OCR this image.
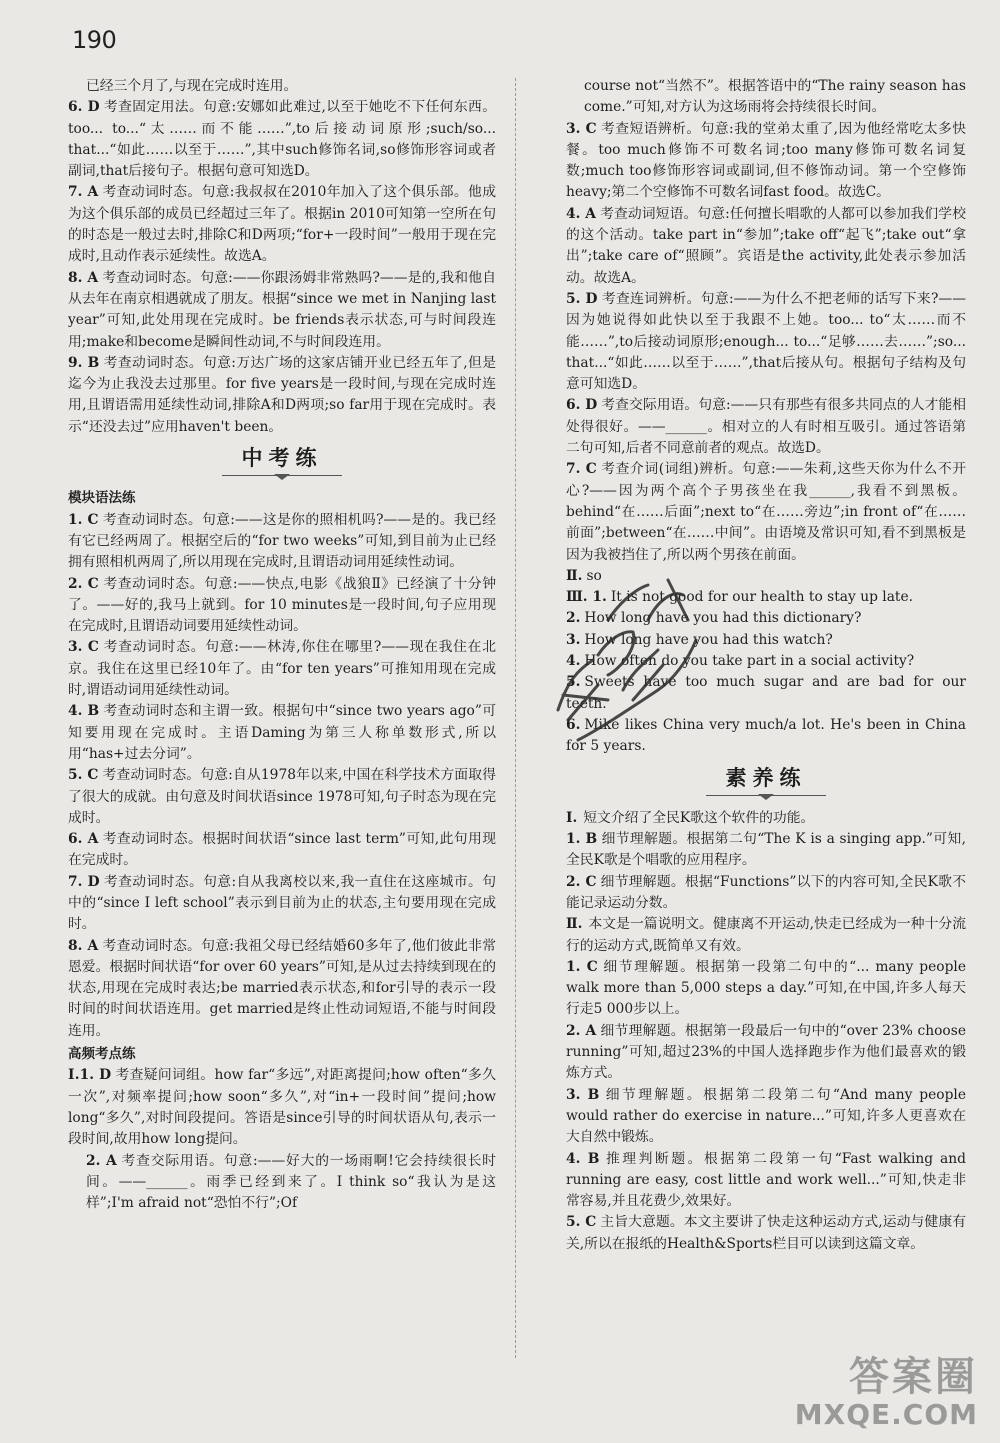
190

已经三个月了,与现在完成时连用。

6. D 考查固定用法。句意:安娜如此难过,以至于她吃不下任何东西。too... to...“太……而不能……”,to后接动词原形;such/so... that...“如此……以至于……”,其中such修饰名词,so修饰形容词或者副词,that后接句子。根据句意可知选D。

7. A 考查动词时态。句意:我叔叔在2010年加入了这个俱乐部。他成为这个俱乐部的成员已经超过三年了。根据in 2010可知第一空所在句的时态是一般过去时,排除C和D两项;“for+一段时间”一般用于现在完成时,且动作表示延续性。故选A。

8. A 考查动词时态。句意:——你跟汤姆非常熟吗?——是的,我和他自从去年在南京相遇就成了朋友。根据“since we met in Nanjing last year”可知,此处用现在完成时。be friends表示状态,可与时间段连用;make和become是瞬间性动词,不与时间段连用。

9. B 考查动词时态。句意:万达广场的这家店铺开业已经五年了,但是迄今为止我没去过那里。for five years是一段时间,与现在完成时连用,且谓语需用延续性动词,排除A和D两项;so far用于现在完成时。表示“还没去过”应用haven't been。

中考练
模块语法练

1. C 考查动词时态。句意:——这是你的照相机吗?——是的。我已经有它已经两周了。根据空后的“for two weeks”可知,到目前为止已经拥有照相机两周了,所以用现在完成时,且谓语动词用延续性动词。

2. C 考查动词时态。句意:——快点,电影《战狼Ⅱ》已经演了十分钟了。——好的,我马上就到。for 10 minutes是一段时间,句子应用现在完成时,且谓语动词要用延续性动词。

3. C 考查动词时态。句意:——林涛,你住在哪里?——现在我住在北京。我住在这里已经10年了。由“for ten years”可推知用现在完成时,谓语动词用延续性动词。

4. B 考查动词时态和主谓一致。根据句中“since two years ago”可知要用现在完成时。主语Daming为第三人称单数形式,所以用“has+过去分词”。

5. C 考查动词时态。句意:自从1978年以来,中国在科学技术方面取得了很大的成就。由句意及时间状语since 1978可知,句子时态为现在完成时。

6. A 考查动词时态。根据时间状语“since last term”可知,此句用现在完成时。

7. D 考查动词时态。句意:自从我离校以来,我一直住在这座城市。句中的“since I left school”表示到目前为止的状态,主句要用现在完成时。

8. A 考查动词时态。句意:我祖父母已经结婚60多年了,他们彼此非常恩爱。根据时间状语“for over 60 years”可知,是从过去持续到现在的状态,用现在完成时表达;be married表示状态,和for引导的表示一段时间的时间状语连用。get married是终止性动词短语,不能与时间段连用。

高频考点练

Ⅰ.1. D 考查疑问词组。how far“多远”,对距离提问;how often“多久一次”,对频率提问;how soon“多久”,对“in+一段时间”提问;how long“多久”,对时间段提问。答语是since引导的时间状语从句,表示一段时间,故用how long提问。

2. A 考查交际用语。句意:——好大的一场雨啊!它会持续很长时间。——______。雨季已经到来了。I think so“我认为是这样”;I'm afraid not“恐怕不行”;Of

course not“当然不”。根据答语中的“The rainy season has come.”可知,对方认为这场雨将会持续很长时间。

3. C 考查短语辨析。句意:我的堂弟太重了,因为他经常吃太多快餐。too much修饰不可数名词;too many修饰可数名词复数;much too修饰形容词或副词,但不修饰动词。第一个空修饰heavy;第二个空修饰不可数名词fast food。故选C。

4. A 考查动词短语。句意:任何擅长唱歌的人都可以参加我们学校的这个活动。take part in“参加”;take off“起飞”;take out“拿出”;take care of“照顾”。宾语是the activity,此处表示参加活动。故选A。

5. D 考查连词辨析。句意:——为什么不把老师的话写下来?——因为她说得如此快以至于我跟不上她。too... to“太……而不能……”,to后接动词原形;enough... to...“足够……去……”;so... that...“如此……以至于……”,that后接从句。根据句子结构及句意可知选D。

6. D 考查交际用语。句意:——只有那些有很多共同点的人才能相处得很好。——______。相对立的人有时相互吸引。通过答语第二句可知,后者不同意前者的观点。故选D。

7. C 考查介词(词组)辨析。句意:——朱莉,这些天你为什么不开心?——因为两个高个子男孩坐在我______,我看不到黑板。behind“在……后面”;next to“在……旁边”;in front of“在……前面”;between“在……中间”。由语境及常识可知,看不到黑板是因为我被挡住了,所以两个男孩在前面。

Ⅱ. so

Ⅲ. 1. It is not good for our health to stay up late.

2. How long have you had this dictionary?

3. How long have you had this watch?

4. How often do you take part in a social activity?

5. Sweets have too much sugar and are bad for our teeth.

6. Mike likes China very much/a lot. He's been in China for 5 years.

素养练

Ⅰ. 短文介绍了全民K歌这个软件的功能。

1. B 细节理解题。根据第二句“The K is a singing app.”可知,全民K歌是个唱歌的应用程序。

2. C 细节理解题。根据“Functions”以下的内容可知,全民K歌不能记录运动分数。

Ⅱ. 本文是一篇说明文。健康离不开运动,快走已经成为一种十分流行的运动方式,既简单又有效。

1. C 细节理解题。根据第一段第二句中的“... many people walk more than 5,000 steps a day.”可知,在中国,许多人每天行走5 000步以上。

2. A 细节理解题。根据第一段最后一句中的“over 23% choose running”可知,超过23%的中国人选择跑步作为他们最喜欢的锻炼方式。

3. B 细节理解题。根据第二段第二句“And many people would rather do exercise in nature...”可知,许多人更喜欢在大自然中锻炼。

4. B 推理判断题。根据第二段第一句“Fast walking and running are easy, cost little and work well...”可知,快走非常容易,并且花费少,效果好。

5. C 主旨大意题。本文主要讲了快走这种运动方式,运动与健康有关,所以在报纸的Health&Sports栏目可以读到这篇文章。

答案圈
MXQE.COM
